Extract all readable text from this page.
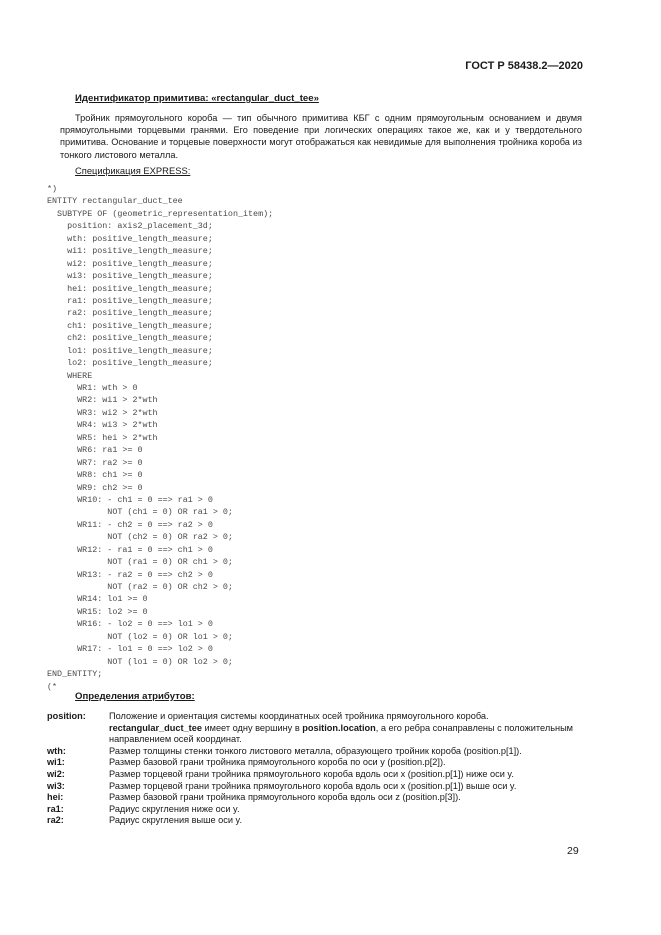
ГОСТ Р 58438.2—2020
Идентификатор примитива: «rectangular_duct_tee»
Тройник прямоугольного короба — тип обычного примитива КБГ с одним прямоугольным основанием и двумя прямоугольными торцевыми гранями. Его поведение при логических операциях такое же, как и у твердотельного примитива. Основание и торцевые поверхности могут отображаться как невидимые для выполнения тройника короба из тонкого листового металла.
Спецификация EXPRESS:
*)
ENTITY rectangular_duct_tee
SUBTYPE OF (geometric_representation_item);
position: axis2_placement_3d;
wth: positive_length_measure;
wi1: positive_length_measure;
wi2: positive_length_measure;
wi3: positive_length_measure;
hei: positive_length_measure;
ra1: positive_length_measure;
ra2: positive_length_measure;
ch1: positive_length_measure;
ch2: positive_length_measure;
lo1: positive_length_measure;
lo2: positive_length_measure;
WHERE
WR1: wth > 0
WR2: wi1 > 2*wth
WR3: wi2 > 2*wth
WR4: wi3 > 2*wth
WR5: hei > 2*wth
WR6: ra1 >= 0
WR7: ra2 >= 0
WR8: ch1 >= 0
WR9: ch2 >= 0
WR10: - ch1 = 0 ==> ra1 > 0
NOT (ch1 = 0) OR ra1 > 0;
WR11: - ch2 = 0 ==> ra2 > 0
NOT (ch2 = 0) OR ra2 > 0;
WR12: - ra1 = 0 ==> ch1 > 0
NOT (ra1 = 0) OR ch1 > 0;
WR13: - ra2 = 0 ==> ch2 > 0
NOT (ra2 = 0) OR ch2 > 0;
WR14: lo1 >= 0
WR15: lo2 >= 0
WR16: - lo2 = 0 ==> lo1 > 0
NOT (lo2 = 0) OR lo1 > 0;
WR17: - lo1 = 0 ==> lo2 > 0
NOT (lo1 = 0) OR lo2 > 0;
END_ENTITY;
(*
Определения атрибутов:
position:	Положение и ориентация системы координатных осей тройника прямоугольного короба.
rectangular_duct_tee имеет одну вершину в position.location, а его ребра сонаправлены с положительным направлением осей координат.
wth:	Размер толщины стенки тонкого листового металла, образующего тройник короба (position.p[1]).
wi1:	Размер базовой грани тройника прямоугольного короба по оси у (position.p[2]).
wi2:	Размер торцевой грани тройника прямоугольного короба вдоль оси x (position.p[1]) ниже оси y.
wi3:	Размер торцевой грани тройника прямоугольного короба вдоль оси x (position.p[1]) выше оси y.
hei:	Размер базовой грани тройника прямоугольного короба вдоль оси z (position.p[3]).
ra1:	Радиус скругления ниже оси y.
ra2:	Радиус скругления выше оси y.
29
